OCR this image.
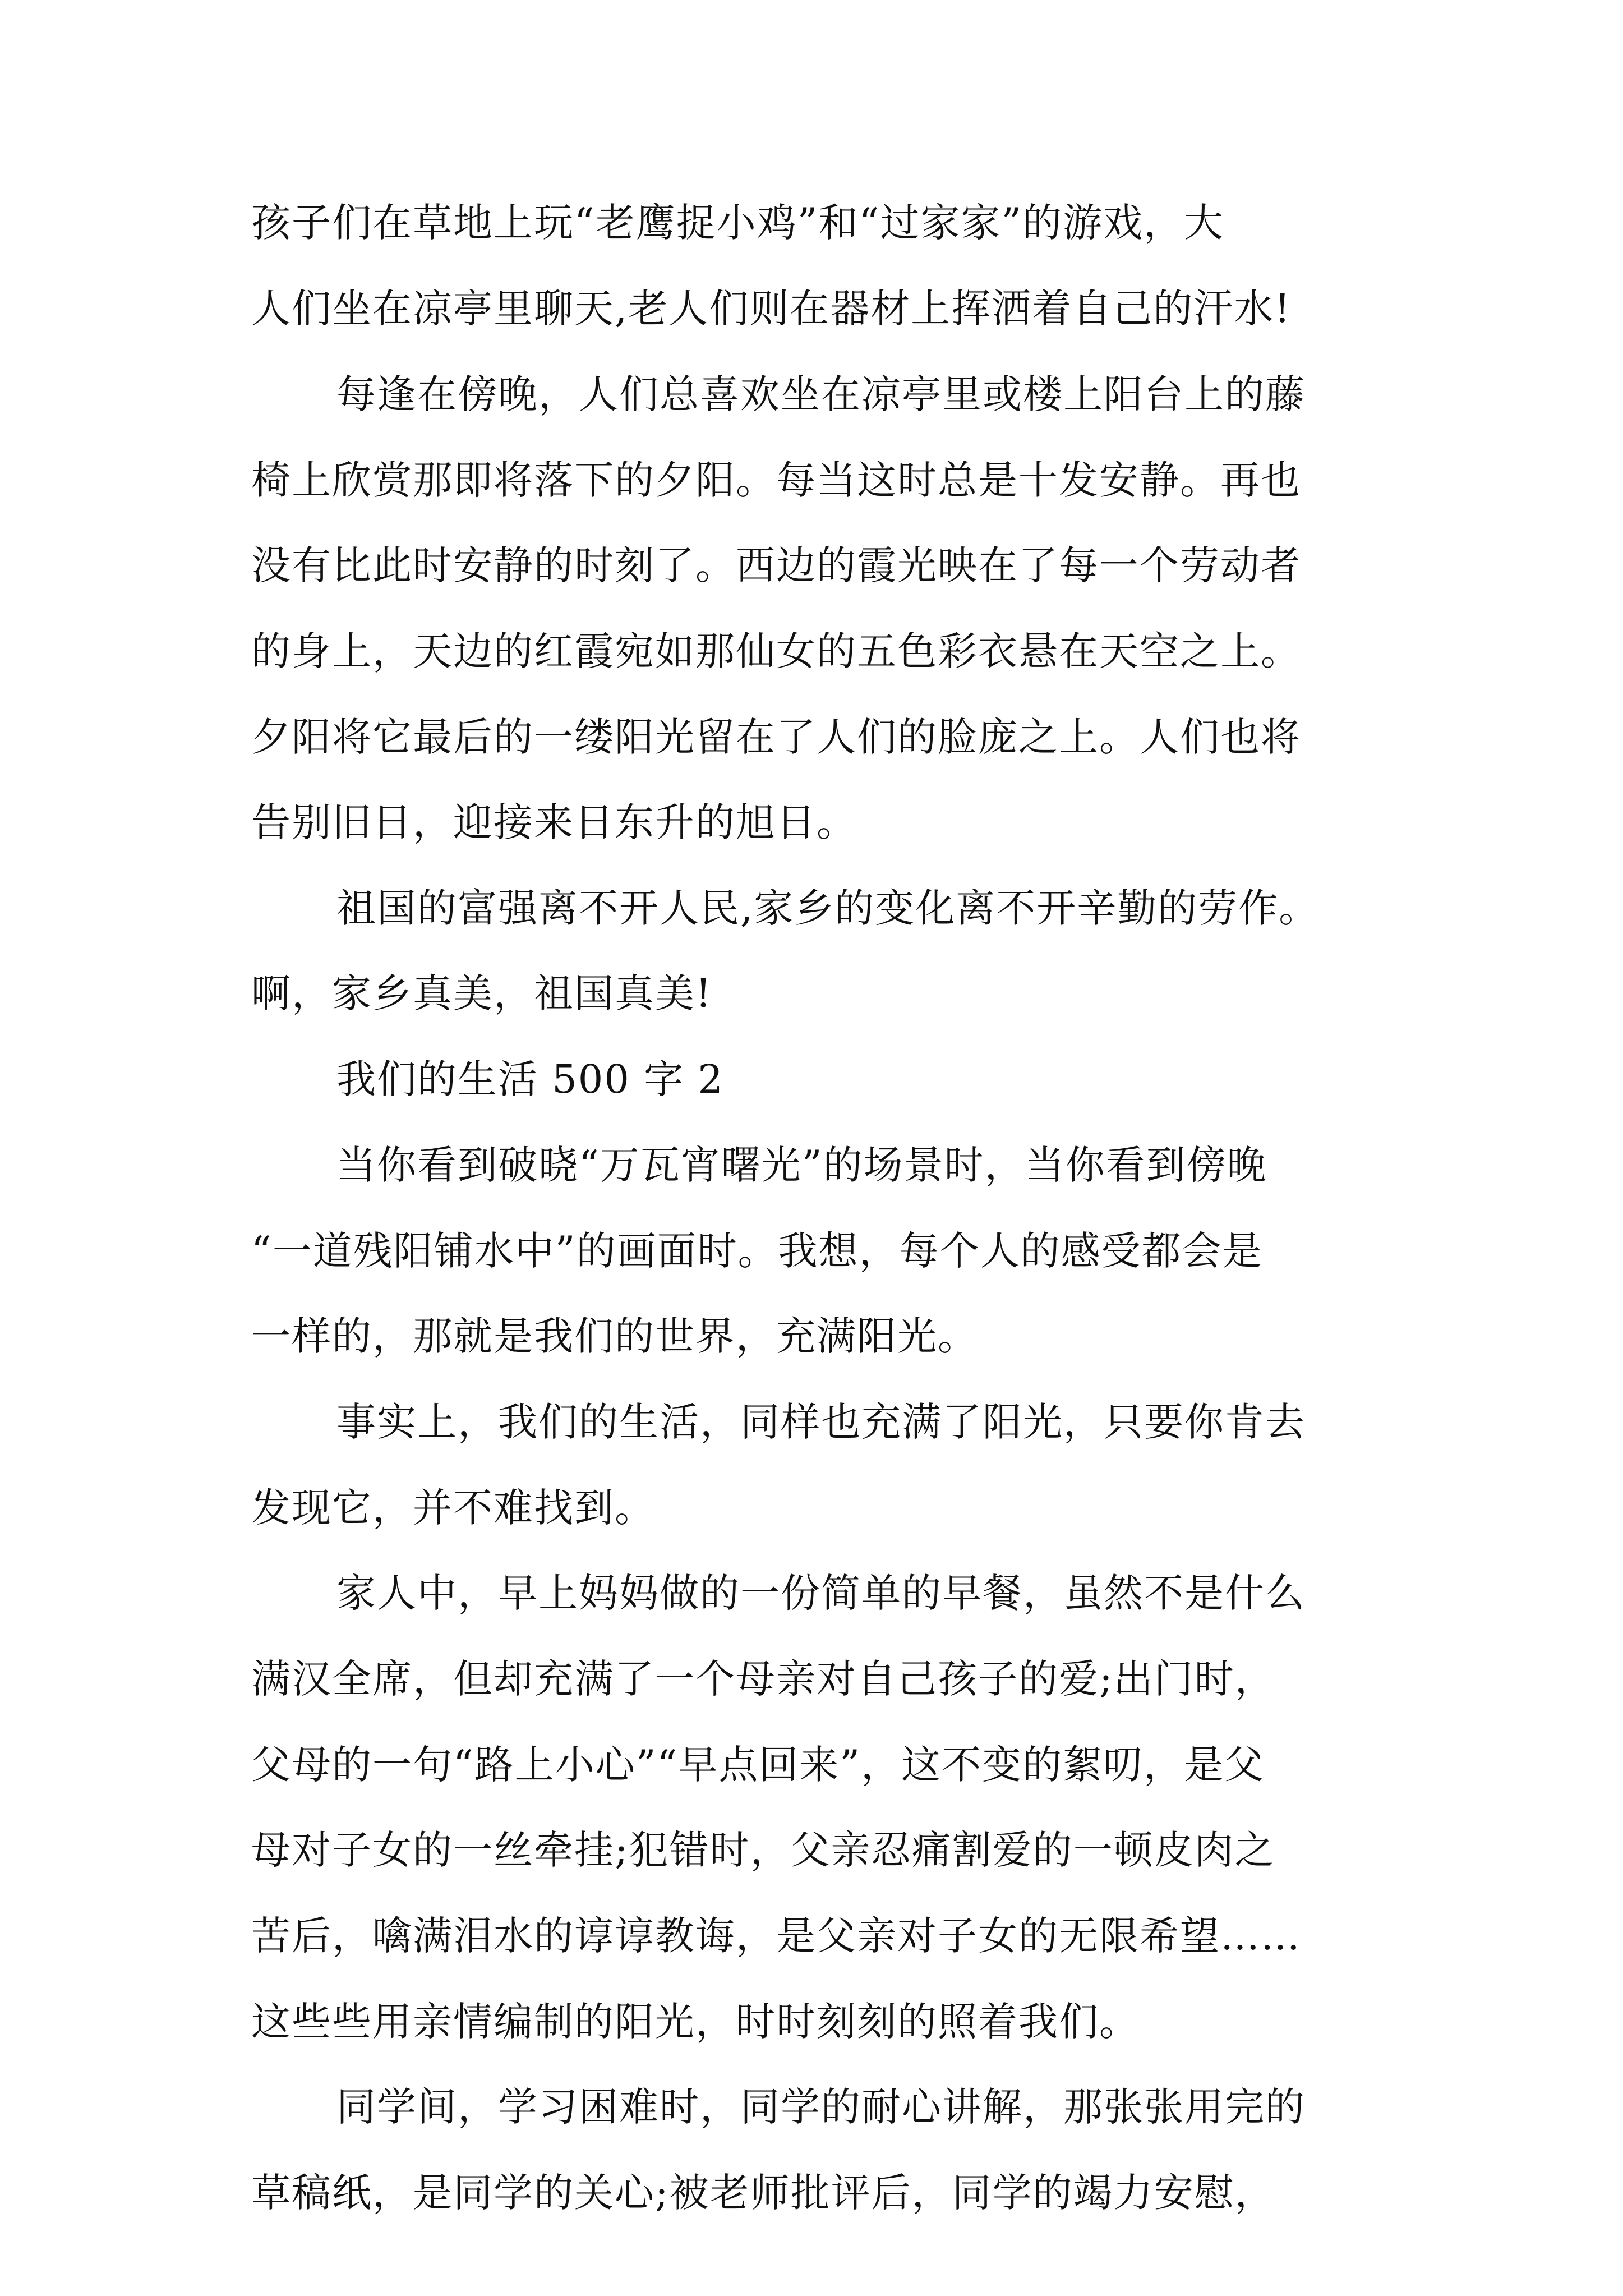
孩子们在草地上玩“老鹰捉小鸡”和“过家家”的游戏，大
人们坐在凉亭里聊天,老人们则在器材上挥洒着自己的汗水!
每逢在傍晚，人们总喜欢坐在凉亭里或楼上阳台上的藤
椅上欣赏那即将落下的夕阳。每当这时总是十发安静。再也
没有比此时安静的时刻了。西边的霞光映在了每一个劳动者
的身上，天边的红霞宛如那仙女的五色彩衣悬在天空之上。
夕阳将它最后的一缕阳光留在了人们的脸庞之上。人们也将
告别旧日，迎接来日东升的旭日。
祖国的富强离不开人民,家乡的变化离不开辛勤的劳作。
啊，家乡真美，祖国真美!
我们的生活 500 字 2
当你看到破晓“万瓦宵曙光”的场景时，当你看到傍晚
“一道残阳铺水中”的画面时。我想，每个人的感受都会是
一样的，那就是我们的世界，充满阳光。
事实上，我们的生活，同样也充满了阳光，只要你肯去
发现它，并不难找到。
家人中，早上妈妈做的一份简单的早餐，虽然不是什么
满汉全席，但却充满了一个母亲对自己孩子的爱;出门时，
父母的一句“路上小心”“早点回来”，这不变的絮叨，是父
母对子女的一丝牵挂;犯错时，父亲忍痛割爱的一顿皮肉之
苦后，噙满泪水的谆谆教诲，是父亲对子女的无限希望……
这些些用亲情编制的阳光，时时刻刻的照着我们。
同学间，学习困难时，同学的耐心讲解，那张张用完的
草稿纸，是同学的关心;被老师批评后，同学的竭力安慰，
